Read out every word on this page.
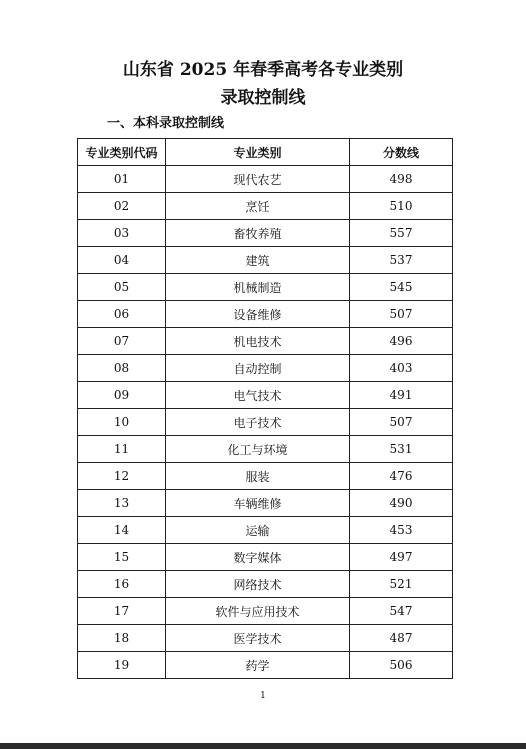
山东省 2025 年春季高考各专业类别
录取控制线
一、本科录取控制线
专业类别代码	专业类别	分数线
01	现代农艺	498
02	烹饪	510
03	畜牧养殖	557
04	建筑	537
05	机械制造	545
06	设备维修	507
07	机电技术	496
08	自动控制	403
09	电气技术	491
10	电子技术	507
11	化工与环境	531
12	服装	476
13	车辆维修	490
14	运输	453
15	数字媒体	497
16	网络技术	521
17	软件与应用技术	547
18	医学技术	487
19	药学	506
1
